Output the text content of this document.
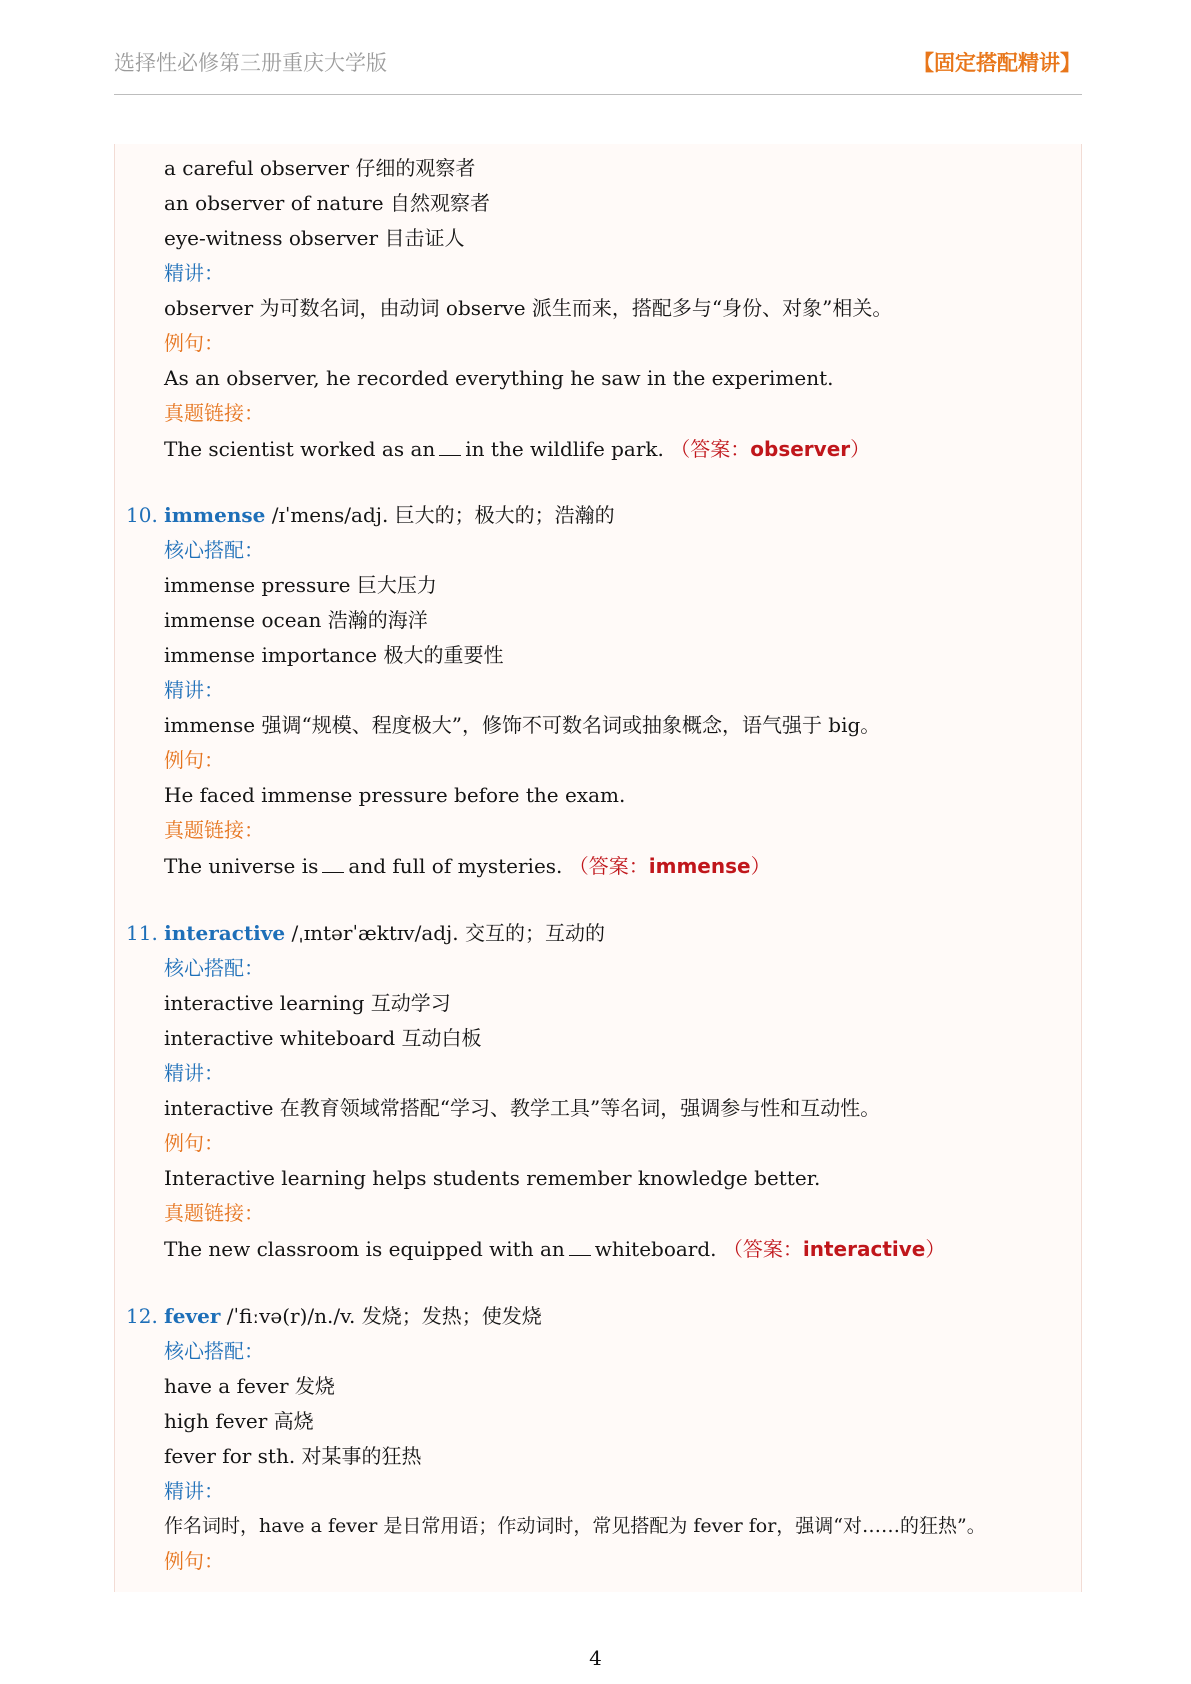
选择性必修第三册重庆大学版	【固定搭配精讲】
a careful observer 仔细的观察者
an observer of nature 自然观察者
eye-witness observer 目击证人
精讲：
observer 为可数名词，由动词 observe 派生而来，搭配多与“身份、对象”相关。
例句：
As an observer, he recorded everything he saw in the experiment.
真题链接：
The scientist worked as an in the wildlife park. （答案：observer）
10. immense /ɪˈmens/adj. 巨大的；极大的；浩瀚的
核心搭配：
immense pressure 巨大压力
immense ocean 浩瀚的海洋
immense importance 极大的重要性
精讲：
immense 强调“规模、程度极大”，修饰不可数名词或抽象概念，语气强于 big。
例句：
He faced immense pressure before the exam.
真题链接：
The universe is and full of mysteries. （答案：immense）
11. interactive /ˌɪntərˈæktɪv/adj. 交互的；互动的
核心搭配：
interactive learning 互动学习
interactive whiteboard 互动白板
精讲：
interactive 在教育领域常搭配“学习、教学工具”等名词，强调参与性和互动性。
例句：
Interactive learning helps students remember knowledge better.
真题链接：
The new classroom is equipped with an whiteboard. （答案：interactive）
12. fever /ˈfiːvə(r)/n./v. 发烧；发热；使发烧
核心搭配：
have a fever 发烧
high fever 高烧
fever for sth. 对某事的狂热
精讲：
作名词时，have a fever 是日常用语；作动词时，常见搭配为 fever for，强调“对……的狂热”。
例句：
4
